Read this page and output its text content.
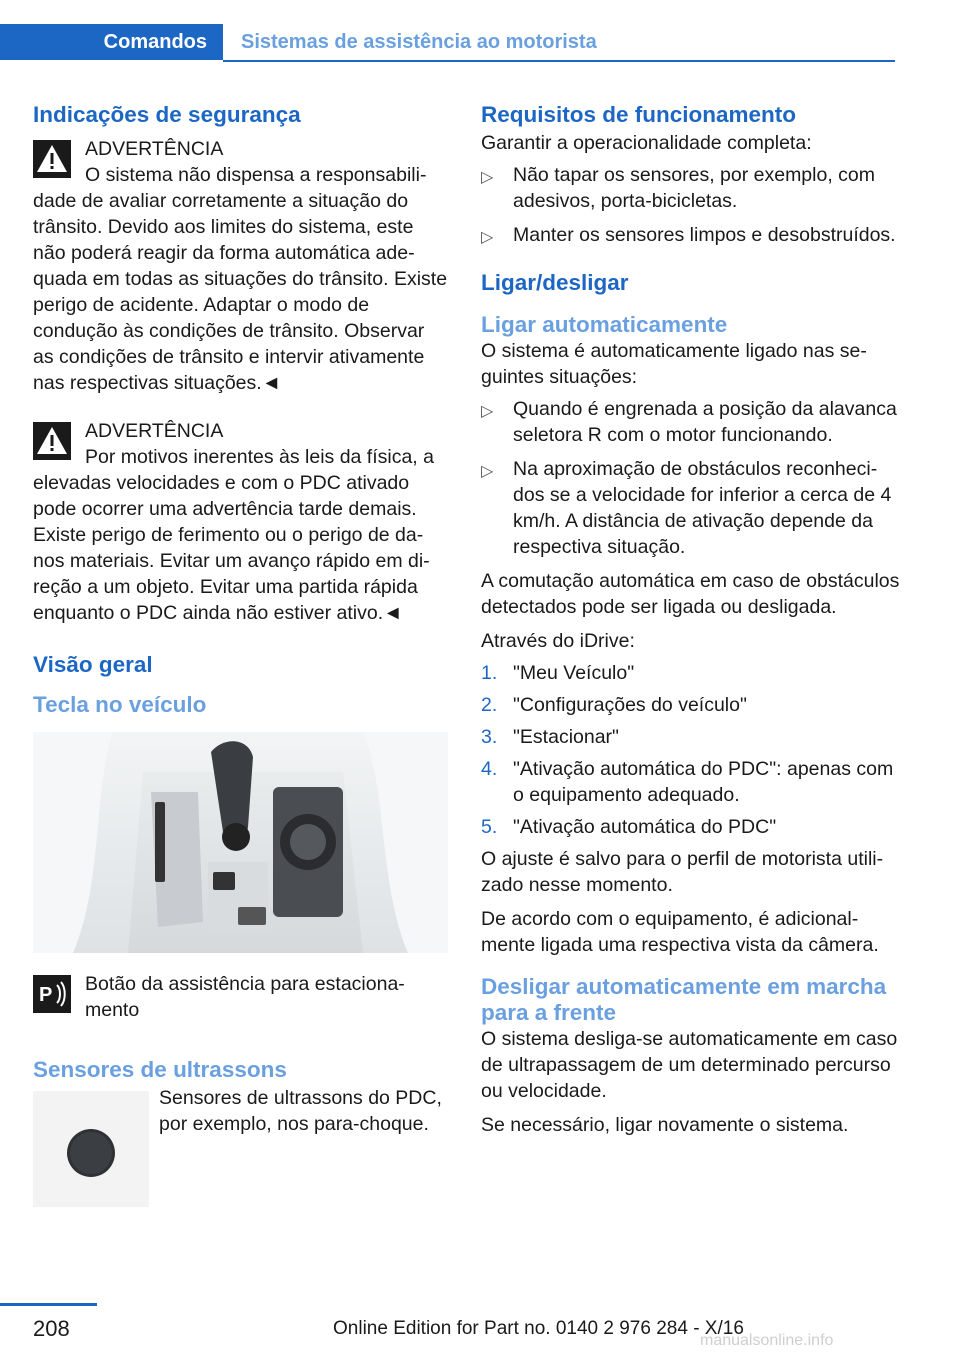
Comandos Sistemas de assistência ao motorista
Indicações de segurança

ADVERTÊNCIA

O sistema não dispensa a responsabilidade de avaliar corretamente a situação do trânsito. Devido aos limites do sistema, este não poderá reagir da forma automática adequada em todas as situações do trânsito. Existe perigo de acidente. Adaptar o modo de condução às condições de trânsito. Observar as condições de trânsito e intervir ativamente nas respectivas situações.◄

ADVERTÊNCIA

Por motivos inerentes às leis da física, a elevadas velocidades e com o PDC ativado pode ocorrer uma advertência tarde demais. Existe perigo de ferimento ou o perigo de danos materiais. Evitar um avanço rápido em direção a um objeto. Evitar uma partida rápida enquanto o PDC ainda não estiver ativo.◄

Visão geral
Tecla no veículo
P	Botão da assistência para estacionamento

Sensores de ultrassons

Sensores de ultrassons do PDC, por exemplo, nos para-choque.

Requisitos de funcionamento

Garantir a operacionalidade completa:

▷ Não tapar os sensores, por exemplo, com adesivos, porta-bicicletas.
▷ Manter os sensores limpos e desobstruídos.
Ligar/desligar
Ligar automaticamente

O sistema é automaticamente ligado nas seguintes situações:

▷ Quando é engrenada a posição da alavanca seletora R com o motor funcionando.
▷ Na aproximação de obstáculos reconhecidos se a velocidade for inferior a cerca de 4 km/h. A distância de ativação depende da respectiva situação.

A comutação automática em caso de obstáculos detectados pode ser ligada ou desligada.

Através do iDrive:

1. "Meu Veículo"
2. "Configurações do veículo"
3. "Estacionar"
4. "Ativação automática do PDC": apenas com o equipamento adequado.
5. "Ativação automática do PDC"

O ajuste é salvo para o perfil de motorista utilizado nesse momento.

De acordo com o equipamento, é adicionalmente ligada uma respectiva vista da câmera.

Desligar automaticamente em marcha para a frente

O sistema desliga-se automaticamente em caso de ultrapassagem de um determinado percurso ou velocidade.

Se necessário, ligar novamente o sistema.

208	Online Edition for Part no. 0140 2 976 284 - X/16
manualsonline.info
